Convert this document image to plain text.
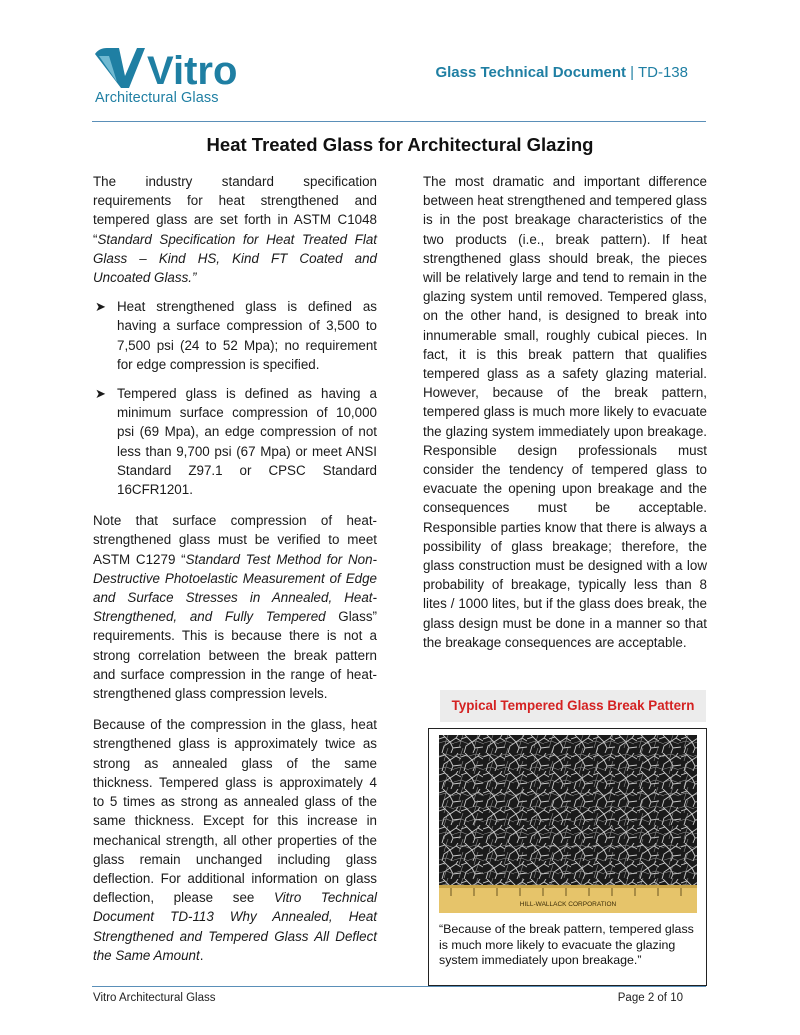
Vitro
Architectural Glass
Glass Technical Document | TD-138
Heat Treated Glass for Architectural Glazing

The industry standard specification requirements for heat strengthened and tempered glass are set forth in ASTM C1048 “Standard Specification for Heat Treated Flat Glass – Kind HS, Kind FT Coated and Uncoated Glass.”

➤ Heat strengthened glass is defined as having a surface compression of 3,500 to 7,500 psi (24 to 52 Mpa); no requirement for edge compression is specified.
➤ Tempered glass is defined as having a minimum surface compression of 10,000 psi (69 Mpa), an edge compression of not less than 9,700 psi (67 Mpa) or meet ANSI Standard Z97.1 or CPSC Standard 16CFR1201.

Note that surface compression of heat-strengthened glass must be verified to meet ASTM C1279 “Standard Test Method for Non-Destructive Photoelastic Measurement of Edge and Surface Stresses in Annealed, Heat-Strengthened, and Fully Tempered Glass” requirements. This is because there is not a strong correlation between the break pattern and surface compression in the range of heat-strengthened glass compression levels.

Because of the compression in the glass, heat strengthened glass is approximately twice as strong as annealed glass of the same thickness. Tempered glass is approximately 4 to 5 times as strong as annealed glass of the same thickness. Except for this increase in mechanical strength, all other properties of the glass remain unchanged including glass deflection. For additional information on glass deflection, please see Vitro Technical Document TD-113 Why Annealed, Heat Strengthened and Tempered Glass All Deflect the Same Amount.

The most dramatic and important difference between heat strengthened and tempered glass is in the post breakage characteristics of the two products (i.e., break pattern). If heat strengthened glass should break, the pieces will be relatively large and tend to remain in the glazing system until removed. Tempered glass, on the other hand, is designed to break into innumerable small, roughly cubical pieces. In fact, it is this break pattern that qualifies tempered glass as a safety glazing material. However, because of the break pattern, tempered glass is much more likely to evacuate the glazing system immediately upon breakage. Responsible design professionals must consider the tendency of tempered glass to evacuate the opening upon breakage and the consequences must be acceptable. Responsible parties know that there is always a possibility of glass breakage; therefore, the glass construction must be designed with a low probability of breakage, typically less than 8 lites / 1000 lites, but if the glass does break, the glass design must be done in a manner so that the breakage consequences are acceptable.

Typical Tempered Glass Break Pattern
HILL-WALLACK CORPORATION
“Because of the break pattern, tempered glass is much more likely to evacuate the glazing system immediately upon breakage.”
Vitro Architectural Glass	Page 2 of 10
